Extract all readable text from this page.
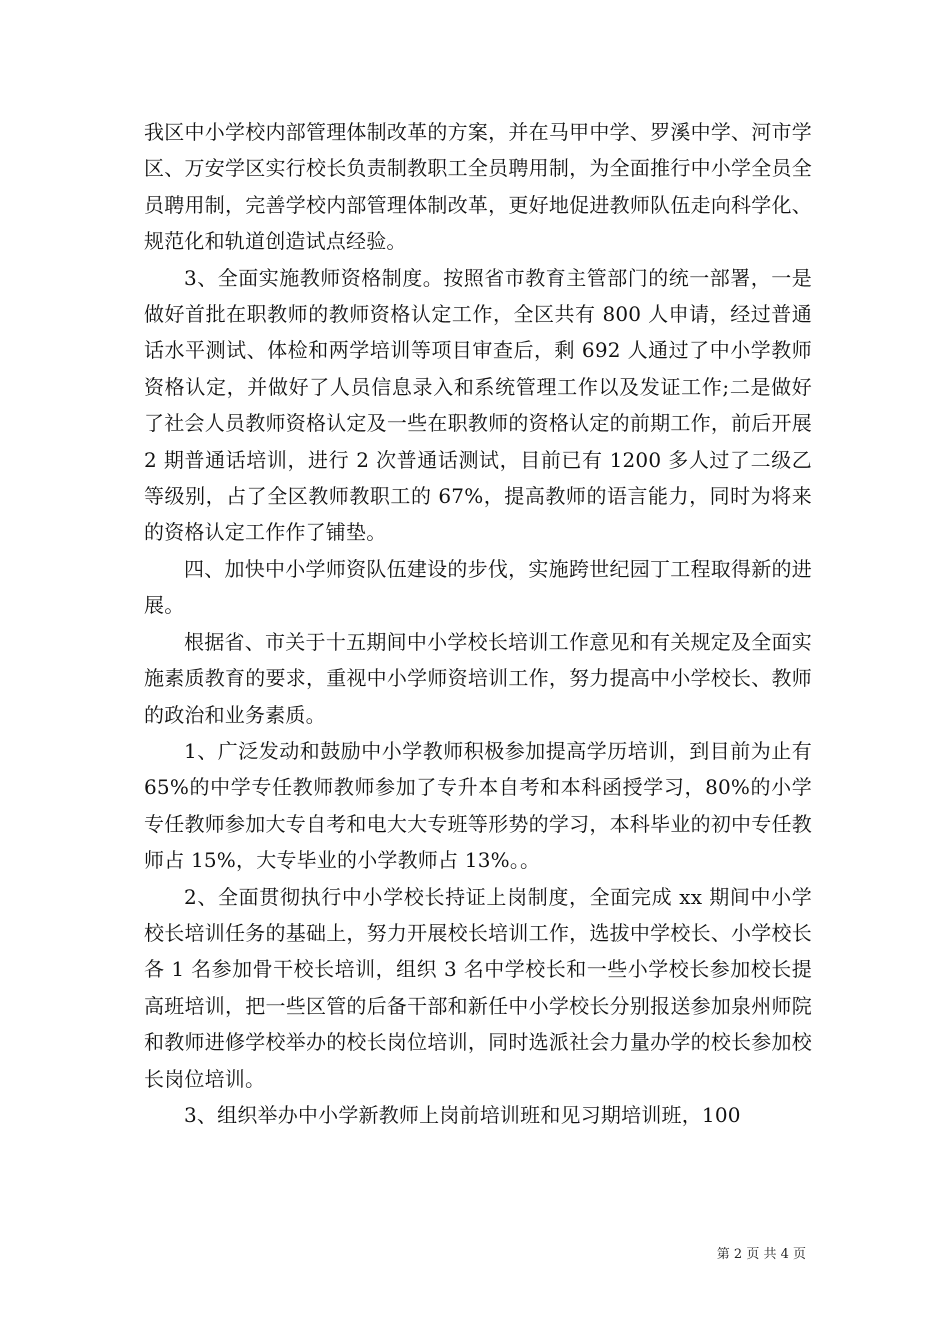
我区中小学校内部管理体制改革的方案，并在马甲中学、罗溪中学、河市学区、万安学区实行校长负责制教职工全员聘用制，为全面推行中小学全员全员聘用制，完善学校内部管理体制改革，更好地促进教师队伍走向科学化、规范化和轨道创造试点经验。

3、全面实施教师资格制度。按照省市教育主管部门的统一部署，一是做好首批在职教师的教师资格认定工作，全区共有 800 人申请，经过普通话水平测试、体检和两学培训等项目审查后，剩 692 人通过了中小学教师资格认定，并做好了人员信息录入和系统管理工作以及发证工作;二是做好了社会人员教师资格认定及一些在职教师的资格认定的前期工作，前后开展 2 期普通话培训，进行 2 次普通话测试，目前已有 1200 多人过了二级乙等级别，占了全区教师教职工的 67%，提高教师的语言能力，同时为将来的资格认定工作作了铺垫。

四、加快中小学师资队伍建设的步伐，实施跨世纪园丁工程取得新的进展。

根据省、市关于十五期间中小学校长培训工作意见和有关规定及全面实施素质教育的要求，重视中小学师资培训工作，努力提高中小学校长、教师的政治和业务素质。

1、广泛发动和鼓励中小学教师积极参加提高学历培训，到目前为止有 65%的中学专任教师教师参加了专升本自考和本科函授学习，80%的小学专任教师参加大专自考和电大大专班等形势的学习，本科毕业的初中专任教师占 15%，大专毕业的小学教师占 13%。。

2、全面贯彻执行中小学校长持证上岗制度，全面完成 xx 期间中小学校长培训任务的基础上，努力开展校长培训工作，选拔中学校长、小学校长各 1 名参加骨干校长培训，组织 3 名中学校长和一些小学校长参加校长提高班培训，把一些区管的后备干部和新任中小学校长分别报送参加泉州师院和教师进修学校举办的校长岗位培训，同时选派社会力量办学的校长参加校长岗位培训。

3、组织举办中小学新教师上岗前培训班和见习期培训班，100

第 2 页 共 4 页
